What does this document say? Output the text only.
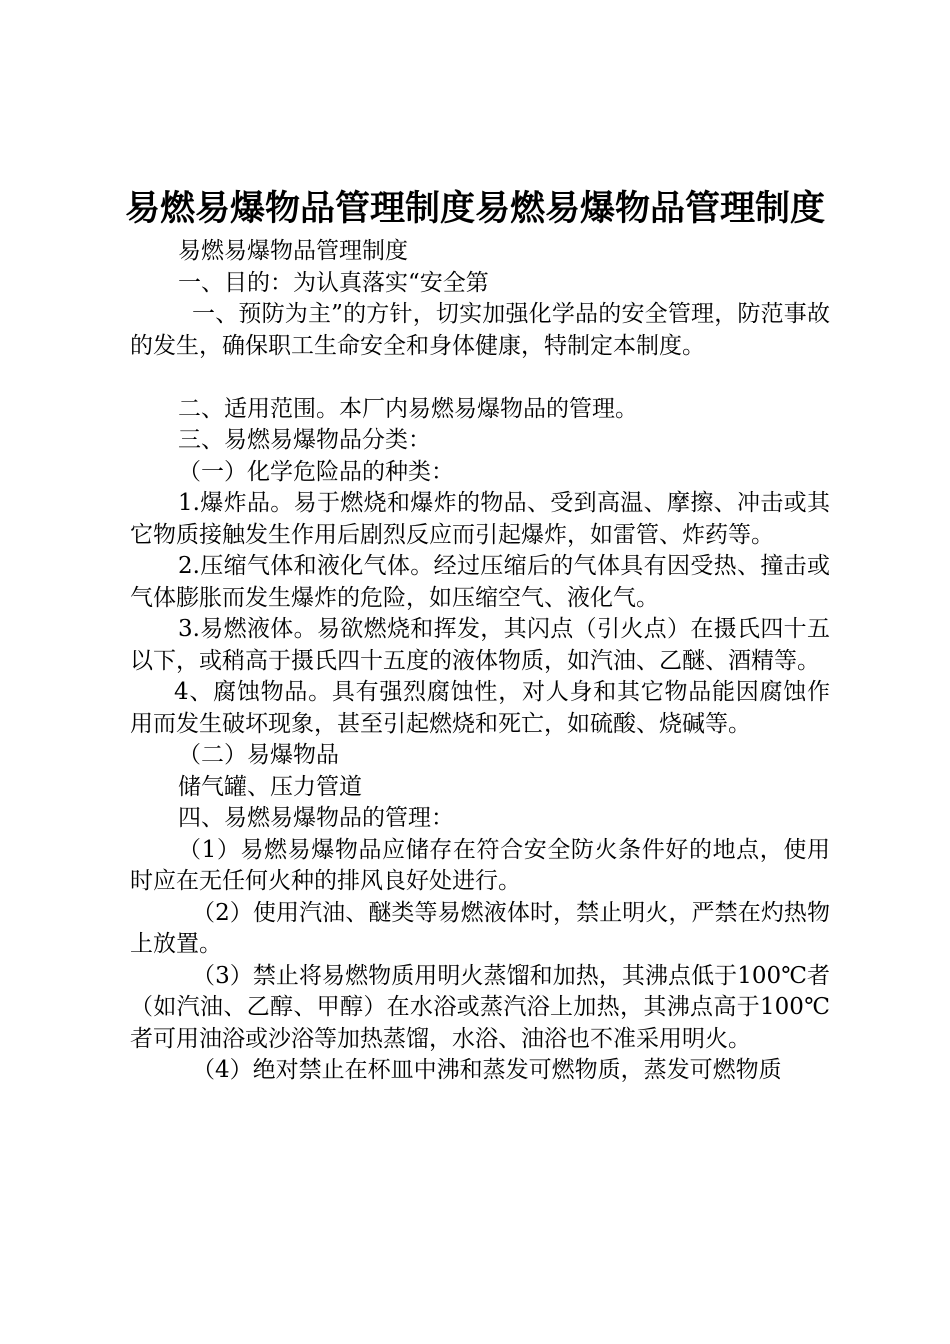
易燃易爆物品管理制度易燃易爆物品管理制度

易燃易爆物品管理制度

一、目的：为认真落实“安全第

一、预防为主”的方针，切实加强化学品的安全管理，防范事故的发生，确保职工生命安全和身体健康，特制定本制度。

二、适用范围。本厂内易燃易爆物品的管理。

三、易燃易爆物品分类：

（一）化学危险品的种类：

1.爆炸品。易于燃烧和爆炸的物品、受到高温、摩擦、冲击或其它物质接触发生作用后剧烈反应而引起爆炸，如雷管、炸药等。

2.压缩气体和液化气体。经过压缩后的气体具有因受热、撞击或气体膨胀而发生爆炸的危险，如压缩空气、液化气。

3.易燃液体。易欲燃烧和挥发，其闪点（引火点）在摄氏四十五以下，或稍高于摄氏四十五度的液体物质，如汽油、乙醚、酒精等。

4、腐蚀物品。具有强烈腐蚀性，对人身和其它物品能因腐蚀作用而发生破坏现象，甚至引起燃烧和死亡，如硫酸、烧碱等。

（二）易爆物品

储气罐、压力管道

四、易燃易爆物品的管理：

（1）易燃易爆物品应储存在符合安全防火条件好的地点，使用时应在无任何火种的排风良好处进行。

（2）使用汽油、醚类等易燃液体时，禁止明火，严禁在灼热物上放置。

（3）禁止将易燃物质用明火蒸馏和加热，其沸点低于100℃者（如汽油、乙醇、甲醇）在水浴或蒸汽浴上加热，其沸点高于100℃者可用油浴或沙浴等加热蒸馏，水浴、油浴也不准采用明火。

（4）绝对禁止在杯皿中沸和蒸发可燃物质，蒸发可燃物质
